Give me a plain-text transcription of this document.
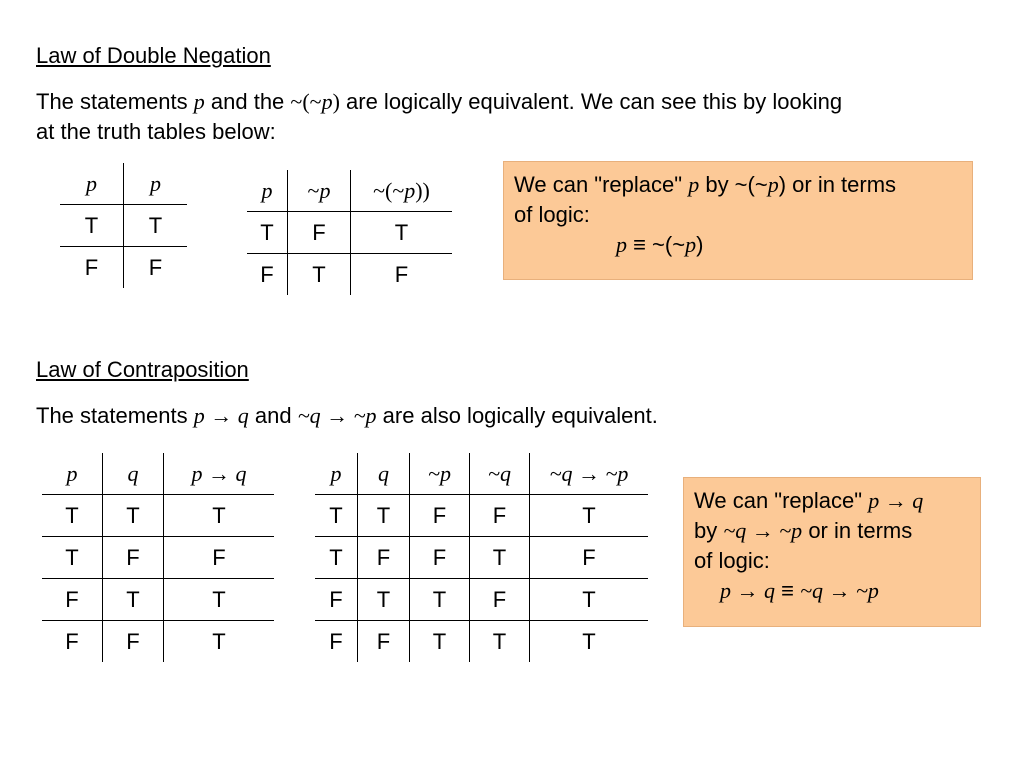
Law of Double Negation
The statements p and the ~(~p) are logically equivalent. We can see this by looking
at the truth tables below:
p	p
T	T
F	F
p	~p	~(~p))
T	F	T
F	T	F
We can "replace" p by ~(~p) or in terms
of logic:
p ≡ ~(~p)
Law of Contraposition
The statements p → q and ~q → ~p are also logically equivalent.
p	q	p → q
T	T	T
T	F	F
F	T	T
F	F	T
p	q	~p	~q	~q → ~p
T	T	F	F	T
T	F	F	T	F
F	T	T	F	T
F	F	T	T	T
We can "replace" p → q
by ~q → ~p or in terms
of logic:
p → q ≡ ~q → ~p
